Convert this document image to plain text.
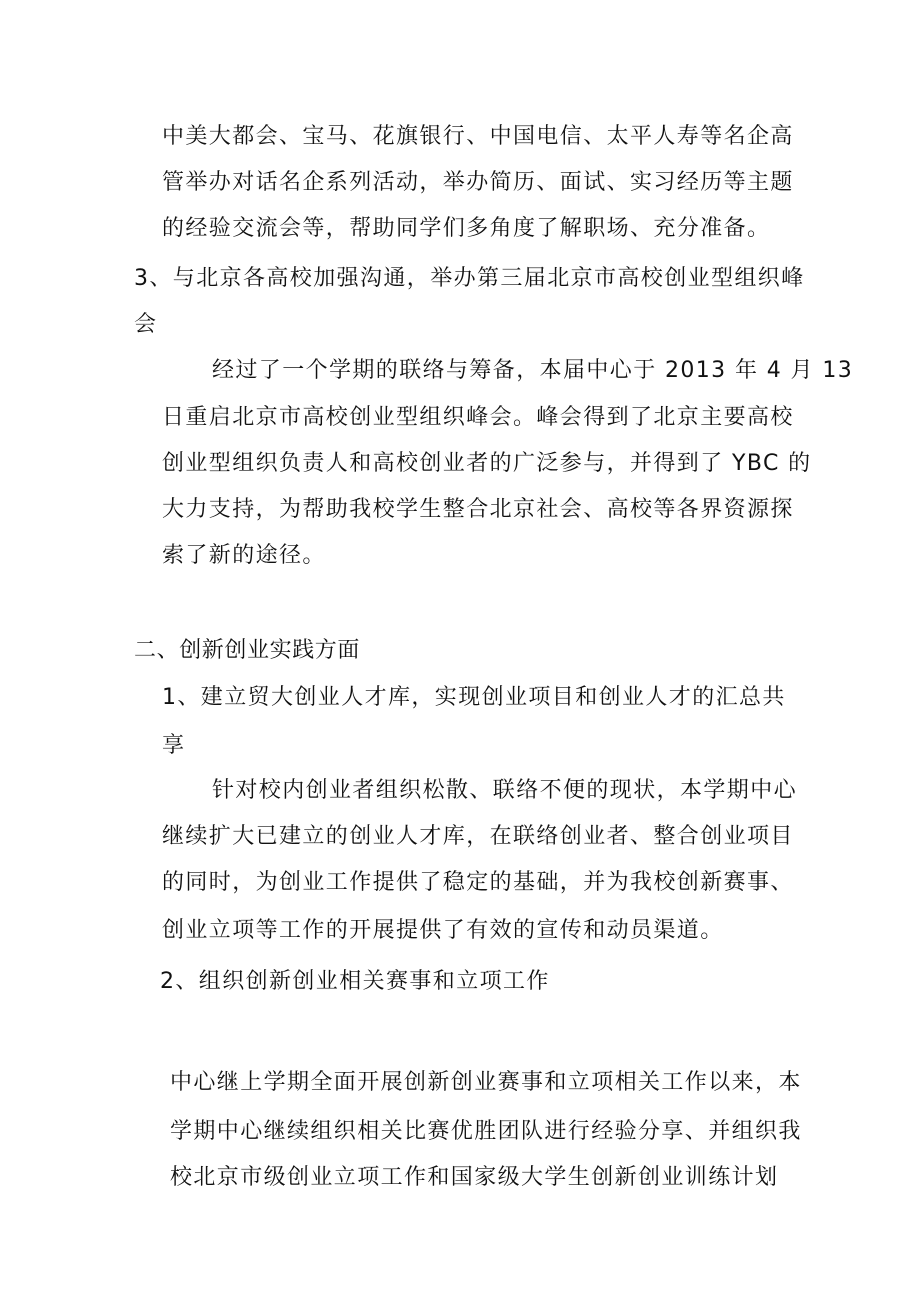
中美大都会、宝马、花旗银行、中国电信、太平人寿等名企高
管举办对话名企系列活动，举办简历、面试、实习经历等主题
的经验交流会等，帮助同学们多角度了解职场、充分准备。
3、与北京各高校加强沟通，举办第三届北京市高校创业型组织峰
会
经过了一个学期的联络与筹备，本届中心于 2013 年 4 月 13
日重启北京市高校创业型组织峰会。峰会得到了北京主要高校
创业型组织负责人和高校创业者的广泛参与，并得到了 YBC 的
大力支持，为帮助我校学生整合北京社会、高校等各界资源探
索了新的途径。
二、创新创业实践方面
1、建立贸大创业人才库，实现创业项目和创业人才的汇总共
享
针对校内创业者组织松散、联络不便的现状，本学期中心
继续扩大已建立的创业人才库，在联络创业者、整合创业项目
的同时，为创业工作提供了稳定的基础，并为我校创新赛事、
创业立项等工作的开展提供了有效的宣传和动员渠道。
2、组织创新创业相关赛事和立项工作
中心继上学期全面开展创新创业赛事和立项相关工作以来，本
学期中心继续组织相关比赛优胜团队进行经验分享、并组织我
校北京市级创业立项工作和国家级大学生创新创业训练计划
